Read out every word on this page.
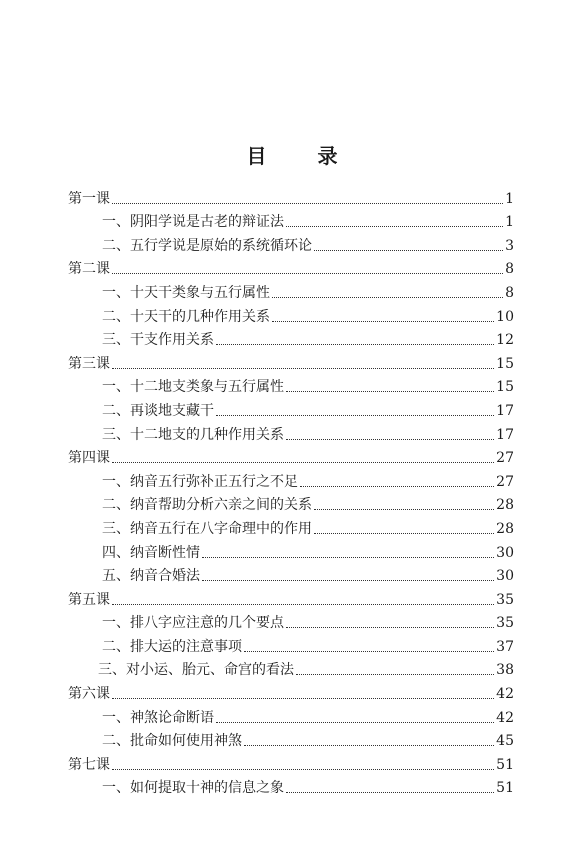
目 录
第一课	1
一、阴阳学说是古老的辩证法	1
二、五行学说是原始的系统循环论	3
第二课	8
一、十天干类象与五行属性	8
二、十天干的几种作用关系	10
三、干支作用关系	12
第三课	15
一、十二地支类象与五行属性	15
二、再谈地支藏干	17
三、十二地支的几种作用关系	17
第四课	27
一、纳音五行弥补正五行之不足	27
二、纳音帮助分析六亲之间的关系	28
三、纳音五行在八字命理中的作用	28
四、纳音断性情	30
五、纳音合婚法	30
第五课	35
一、排八字应注意的几个要点	35
二、排大运的注意事项	37
三、对小运、胎元、命宫的看法	38
第六课	42
一、神煞论命断语	42
二、批命如何使用神煞	45
第七课	51
一、如何提取十神的信息之象	51
